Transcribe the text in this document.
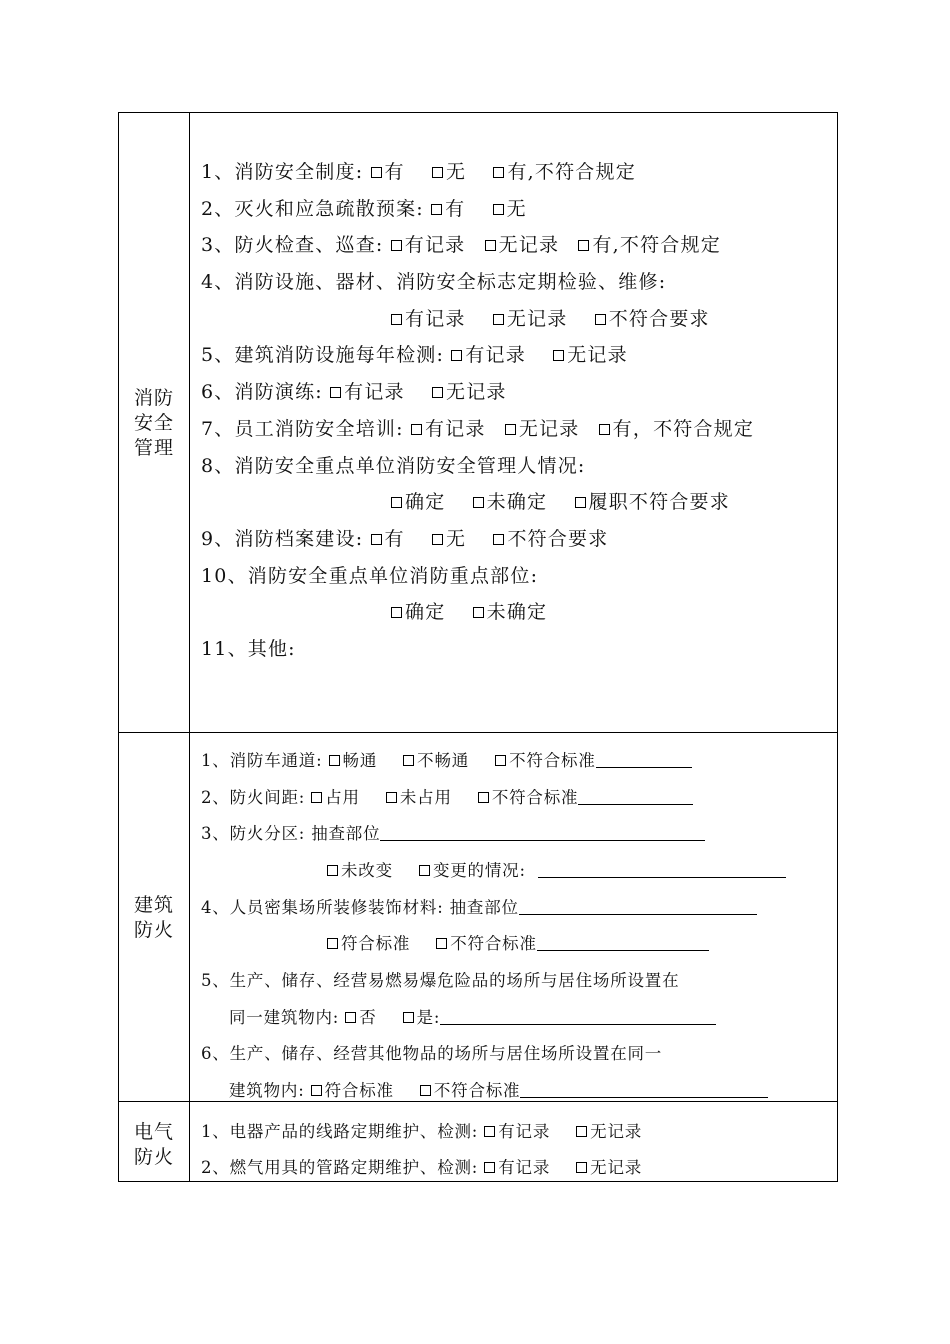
消防
安全
管理
1、消防安全制度: 有 无 有,不符合规定
2、灭火和应急疏散预案: 有 无
3、防火检查、巡查: 有记录 无记录 有,不符合规定
4、消防设施、器材、消防安全标志定期检验、维修:
有记录 无记录 不符合要求
5、建筑消防设施每年检测: 有记录 无记录
6、消防演练: 有记录 无记录
7、员工消防安全培训: 有记录 无记录 有，不符合规定
8、消防安全重点单位消防安全管理人情况:
确定 未确定 履职不符合要求
9、消防档案建设: 有 无 不符合要求
10、消防安全重点单位消防重点部位:
确定 未确定
11、其他:
建筑
防火
1、消防车通道: 畅通 不畅通 不符合标准
2、防火间距: 占用 未占用 不符合标准
3、防火分区: 抽查部位
未改变 变更的情况:
4、人员密集场所装修装饰材料: 抽查部位
符合标准 不符合标准
5、生产、储存、经营易燃易爆危险品的场所与居住场所设置在
同一建筑物内: 否 是:
6、生产、储存、经营其他物品的场所与居住场所设置在同一
建筑物内: 符合标准 不符合标准
电气
防火
1、电器产品的线路定期维护、检测: 有记录 无记录
2、燃气用具的管路定期维护、检测: 有记录 无记录
